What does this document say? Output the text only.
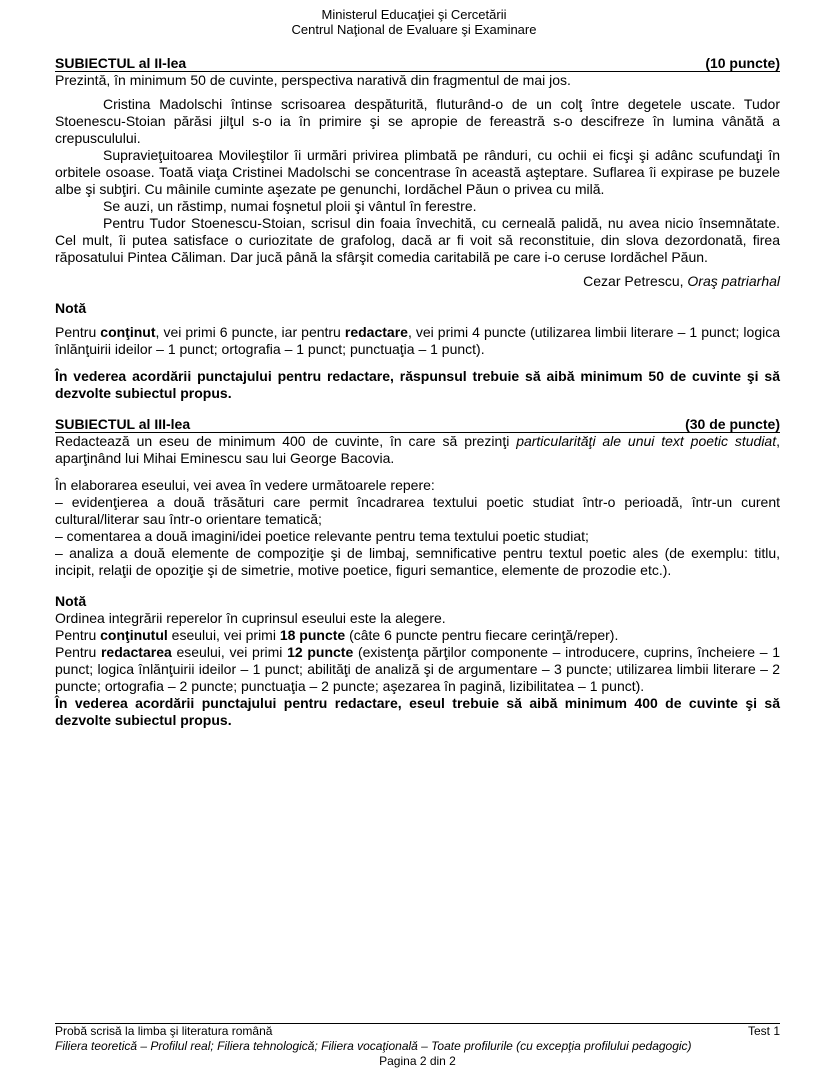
Ministerul Educaţiei şi Cercetării
Centrul Naţional de Evaluare şi Examinare
SUBIECTUL al II-lea	(10 puncte)

Prezintă, în minimum 50 de cuvinte, perspectiva narativă din fragmentul de mai jos.

Cristina Madolschi întinse scrisoarea despăturită, fluturând-o de un colţ între degetele uscate. Tudor Stoenescu-Stoian părăsi jilţul s-o ia în primire şi se apropie de fereastră s-o descifreze în lumina vânătă a crepusculului.

Supravieţuitoarea Movileştilor îi urmări privirea plimbată pe rânduri, cu ochii ei ficşi şi adânc scufundaţi în orbitele osoase. Toată viaţa Cristinei Madolschi se concentrase în această aşteptare. Suflarea îi expirase pe buzele albe şi subţiri. Cu mâinile cuminte aşezate pe genunchi, Iordăchel Păun o privea cu milă.

Se auzi, un răstimp, numai foşnetul ploii şi vântul în ferestre.

Pentru Tudor Stoenescu-Stoian, scrisul din foaia învechită, cu cerneală palidă, nu avea nicio însemnătate. Cel mult, îi putea satisface o curiozitate de grafolog, dacă ar fi voit să reconstituie, din slova dezordonată, firea răposatului Pintea Căliman. Dar jucă până la sfârşit comedia caritabilă pe care i-o ceruse Iordăchel Păun.

Cezar Petrescu, Oraş patriarhal

Notă

Pentru conţinut, vei primi 6 puncte, iar pentru redactare, vei primi 4 puncte (utilizarea limbii literare – 1 punct; logica înlănţuirii ideilor – 1 punct; ortografia – 1 punct; punctuaţia – 1 punct).

În vederea acordării punctajului pentru redactare, răspunsul trebuie să aibă minimum 50 de cuvinte şi să dezvolte subiectul propus.

SUBIECTUL al III-lea	(30 de puncte)

Redactează un eseu de minimum 400 de cuvinte, în care să prezinţi particularităţi ale unui text poetic studiat, aparţinând lui Mihai Eminescu sau lui George Bacovia.

În elaborarea eseului, vei avea în vedere următoarele repere:

– evidenţierea a două trăsături care permit încadrarea textului poetic studiat într-o perioadă, într-un curent cultural/literar sau într-o orientare tematică;

– comentarea a două imagini/idei poetice relevante pentru tema textului poetic studiat;

– analiza a două elemente de compoziţie şi de limbaj, semnificative pentru textul poetic ales (de exemplu: titlu, incipit, relaţii de opoziţie şi de simetrie, motive poetice, figuri semantice, elemente de prozodie etc.).

Notă

Ordinea integrării reperelor în cuprinsul eseului este la alegere.

Pentru conţinutul eseului, vei primi 18 puncte (câte 6 puncte pentru fiecare cerinţă/reper).

Pentru redactarea eseului, vei primi 12 puncte (existenţa părţilor componente – introducere, cuprins, încheiere – 1 punct; logica înlănţuirii ideilor – 1 punct; abilităţi de analiză şi de argumentare – 3 puncte; utilizarea limbii literare – 2 puncte; ortografia – 2 puncte; punctuaţia – 2 puncte; aşezarea în pagină, lizibilitatea – 1 punct).

În vederea acordării punctajului pentru redactare, eseul trebuie să aibă minimum 400 de cuvinte şi să dezvolte subiectul propus.

Probă scrisă la limba şi literatura română	Test 1
Filiera teoretică – Profilul real; Filiera tehnologică; Filiera vocaţională – Toate profilurile (cu excepţia profilului pedagogic)
Pagina 2 din 2
